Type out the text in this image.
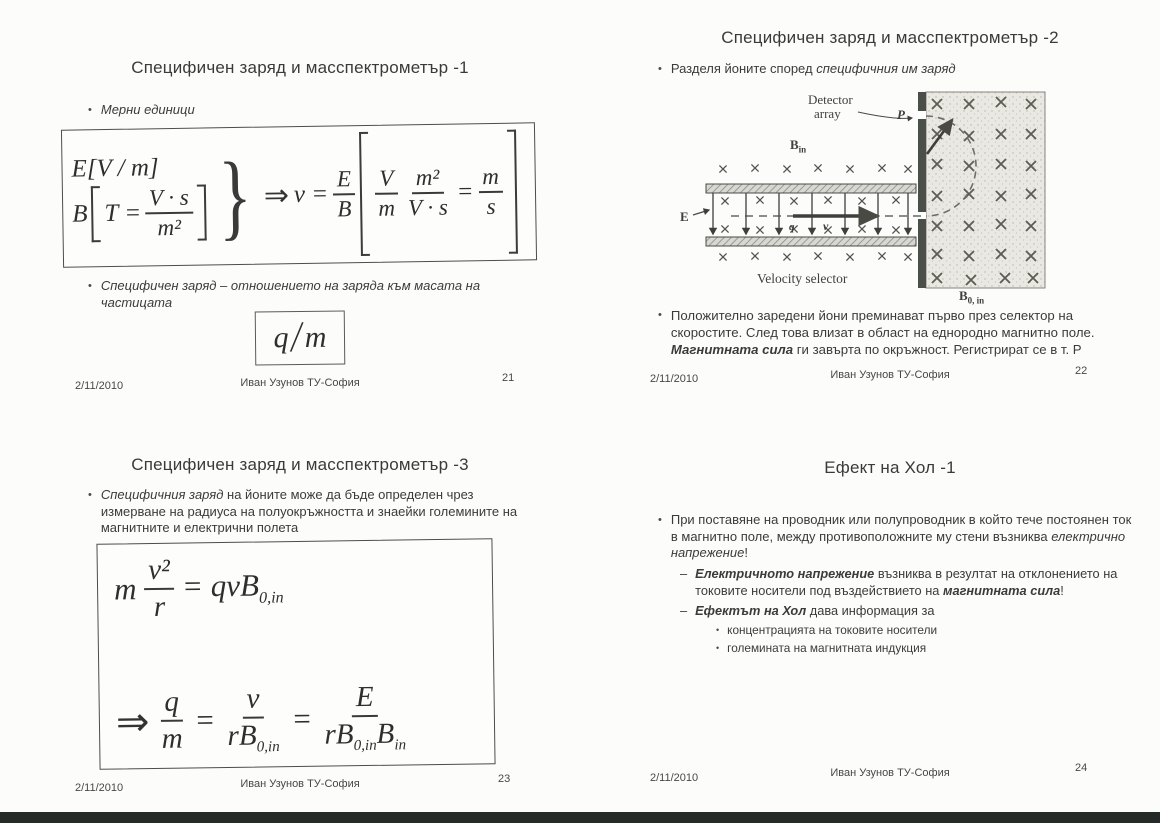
Специфичен заряд и масспектрометър -1
• Мерни единици
E[V / m]
B $T = \frac{V \cdot s}{\text{m²}}$ } ⇒ $v = \frac{E}{B} \frac{V}{m} \frac{\text{m²}}{V \cdot s} = \frac{m}{s}$
• Специфичен заряд – отношението на заряда към масата на частицата
q / m
2/11/2010	Иван Узунов ТУ-София	21
Специфичен заряд и масспектрометър -2
• Разделя йоните според специфичния им заряд
r
Detector
array	P
$B_{in}$
q v
E
Velocity selector
$B_{0, in}$
• Положително заредени йони преминават първо през селектор на скоростите. След това влизат в област на еднородно магнитно поле. Магнитната сила ги завърта по окръжност. Регистрират се в т. Р
2/11/2010	Иван Узунов ТУ-София	22
Специфичен заряд и масспектрометър -3
• Специфичния заряд на йоните може да бъде определен чрез измерване на радиуса на полуокръжността и знаейки големините на магнитните и електрични полета
m $\frac{\text{v²}}{r} = qvB_{0,in}$
⇒ $\frac{q}{m} = \frac{v}{rB_{0,in}} = \frac{E}{rB_{0,in}B_{in}}$
2/11/2010	Иван Узунов ТУ-София	23
Ефект на Хол -1
• При поставяне на проводник или полупроводник в който тече постоянен ток в магнитно поле, между противоположните му стени възниква електрично напрежение!
– Електричното напрежение възниква в резултат на отклонението на токовите носители под въздействието на магнитната сила!
– Ефектът на Хол дава информация за
• концентрацията на токовите носители
• големината на магнитната индукция
2/11/2010	Иван Узунов ТУ-София	24
